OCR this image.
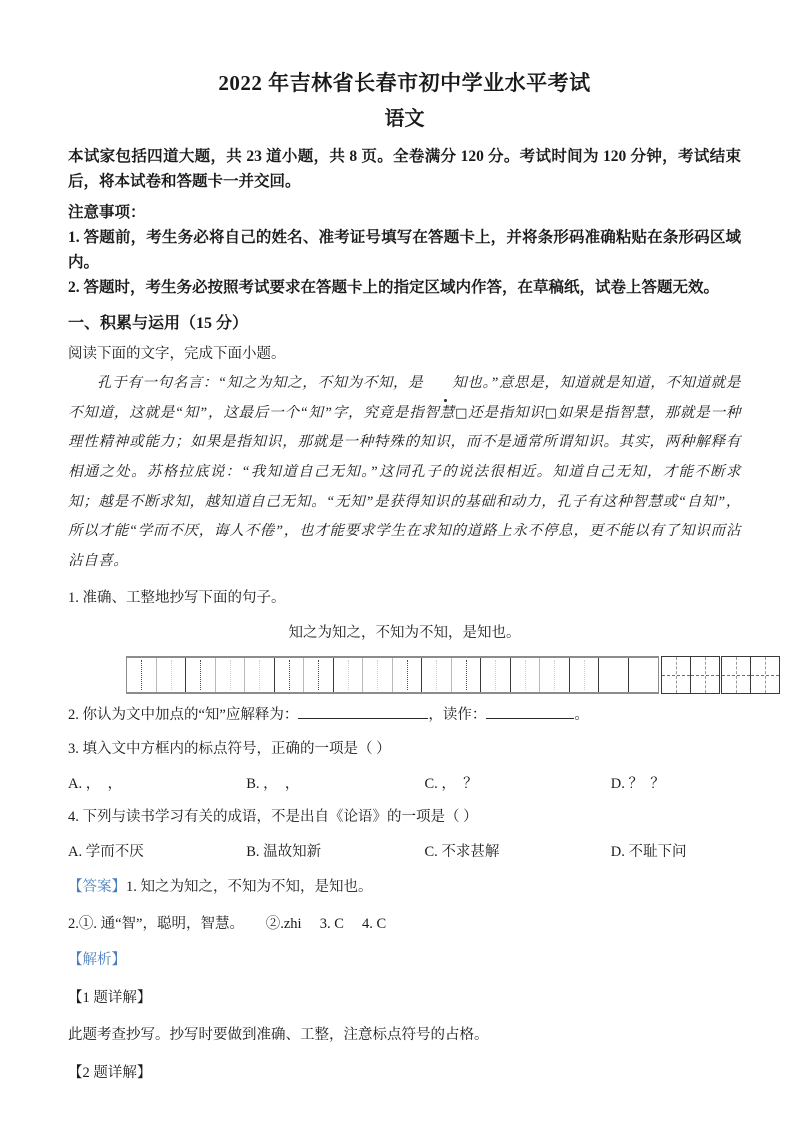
2022 年吉林省长春市初中学业水平考试
语文

本试家包括四道大题，共 23 道小题，共 8 页。全卷满分 120 分。考试时间为 120 分钟，考试结束后，将本试卷和答题卡一并交回。

注意事项：

1. 答题前，考生务必将自己的姓名、准考证号填写在答题卡上，并将条形码准确粘贴在条形码区域内。

2. 答题时，考生务必按照考试要求在答题卡上的指定区域内作答，在草稿纸，试卷上答题无效。

一、积累与运用（15 分）

阅读下面的文字，完成下面小题。

孔于有一句名言：“知之为知之，不知为不知，是 知也。”意思是，知道就是知道，不知道就是不知道，这就是“知”，这最后一个“知”字，究竟是指智慧□还是指知识□如果是指智慧，那就是一种理性精神或能力；如果是指知识，那就是一种特殊的知识，而不是通常所谓知识。其实，两种解释有相通之处。苏格拉底说：“我知道自己无知。”这同孔子的说法很相近。知道自己无知，才能不断求知；越是不断求知，越知道自己无知。“无知”是获得知识的基础和动力，孔子有这种智慧或“自知”，所以才能“学而不厌，诲人不倦”，也才能要求学生在求知的道路上永不停息，更不能以有了知识而沾沾自喜。

1. 准确、工整地抄写下面的句子。

知之为知之，不知为不知，是知也。

2. 你认为文中加点的“知”应解释为：	，读作：	。

3. 填入文中方框内的标点符号，正确的一项是（ ）

A. ，  ，	B. ，  ，	C. ，  ？	D. ？  ？

4. 下列与读书学习有关的成语，不是出自《论语》的一项是（ ）

A. 学而不厌	B. 温故知新	C. 不求甚解	D. 不耻下问

【答案】1. 知之为知之，不知为不知，是知也。

2.①. 通“智”，聪明，智慧。      ②.zhi     3. C     4. C

【解析】

【1 题详解】

此题考查抄写。抄写时要做到准确、工整，注意标点符号的占格。

【2 题详解】
